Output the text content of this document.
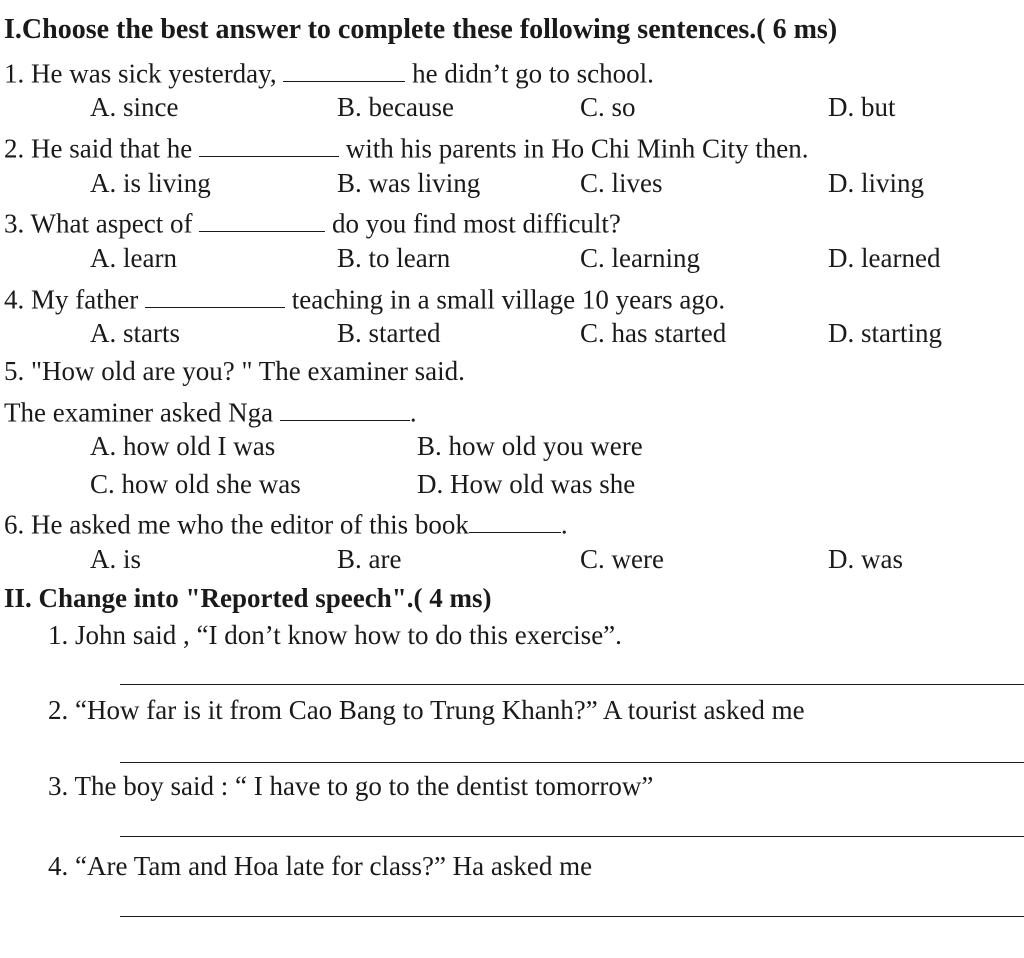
I.Choose the best answer to complete these following sentences.( 6 ms)
1. He was sick yesterday,	he didn’t go to school.
A. since	B. because	C. so	D. but
2. He said that he	with his parents in Ho Chi Minh City then.
A. is living	B. was living	C. lives	D. living
3. What aspect of	do you find most difficult?
A. learn	B. to learn	C. learning	D. learned
4. My father	teaching in a small village 10 years ago.
A. starts	B. started	C. has started	D. starting
5. "How old are you? " The examiner said.
The examiner asked Nga	.
A. how old I was	B. how old you were
C. how old she was	D. How old was she
6. He asked me who the editor of this book	.
A. is	B. are	C. were	D. was
II. Change into "Reported speech".( 4 ms)
1. John said , “I don’t know how to do this exercise”.
2. “How far is it from Cao Bang to Trung Khanh?” A tourist asked me
3. The boy said : “ I have to go to the dentist tomorrow”
4. “Are Tam and Hoa late for class?” Ha asked me
